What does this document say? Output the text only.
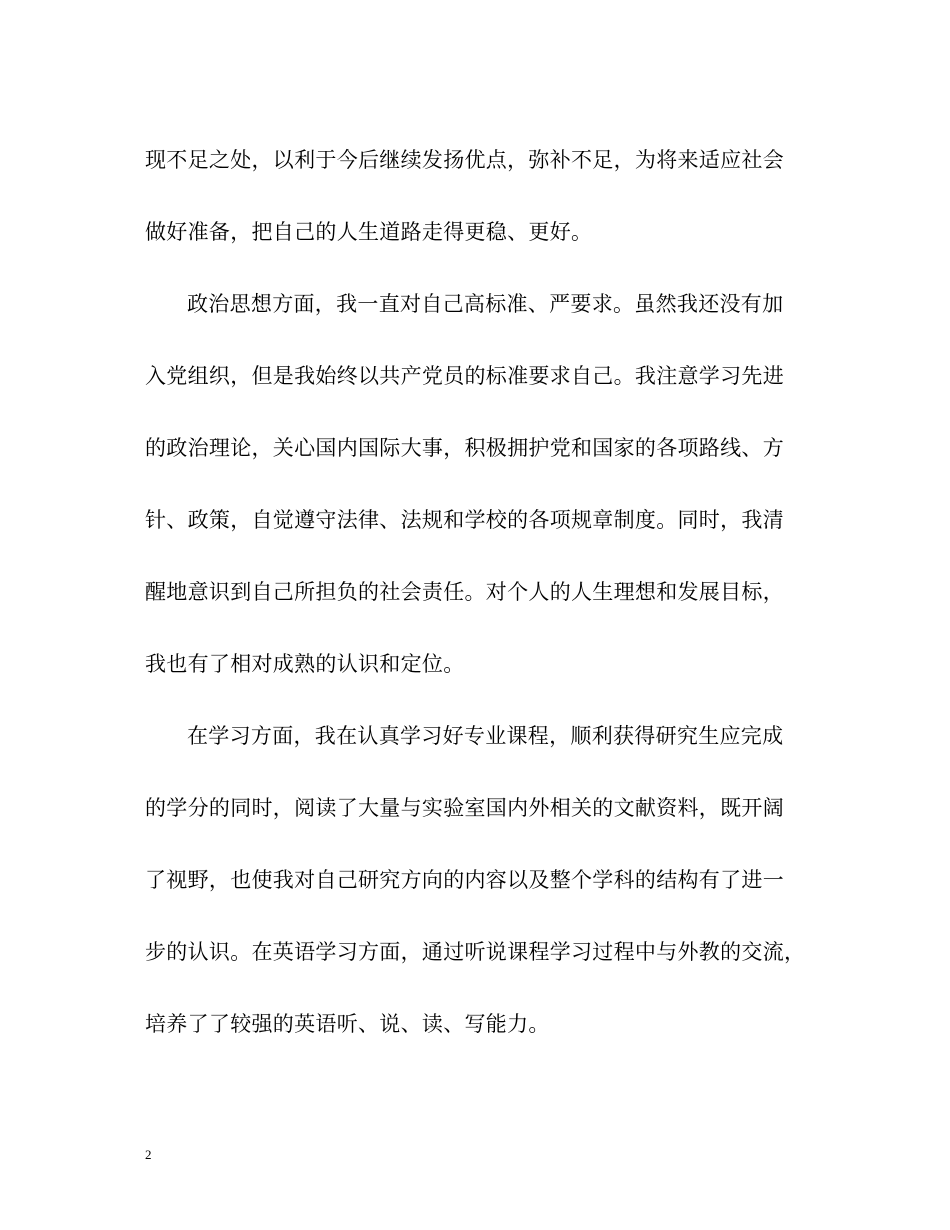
现不足之处，以利于今后继续发扬优点，弥补不足，为将来适应社会
做好准备，把自己的人生道路走得更稳、更好。
政治思想方面，我一直对自己高标准、严要求。虽然我还没有加
入党组织，但是我始终以共产党员的标准要求自己。我注意学习先进
的政治理论，关心国内国际大事，积极拥护党和国家的各项路线、方
针、政策，自觉遵守法律、法规和学校的各项规章制度。同时，我清
醒地意识到自己所担负的社会责任。对个人的人生理想和发展目标，
我也有了相对成熟的认识和定位。
在学习方面，我在认真学习好专业课程，顺利获得研究生应完成
的学分的同时，阅读了大量与实验室国内外相关的文献资料，既开阔
了视野，也使我对自己研究方向的内容以及整个学科的结构有了进一
步的认识。在英语学习方面，通过听说课程学习过程中与外教的交流，
培养了了较强的英语听、说、读、写能力。
2
